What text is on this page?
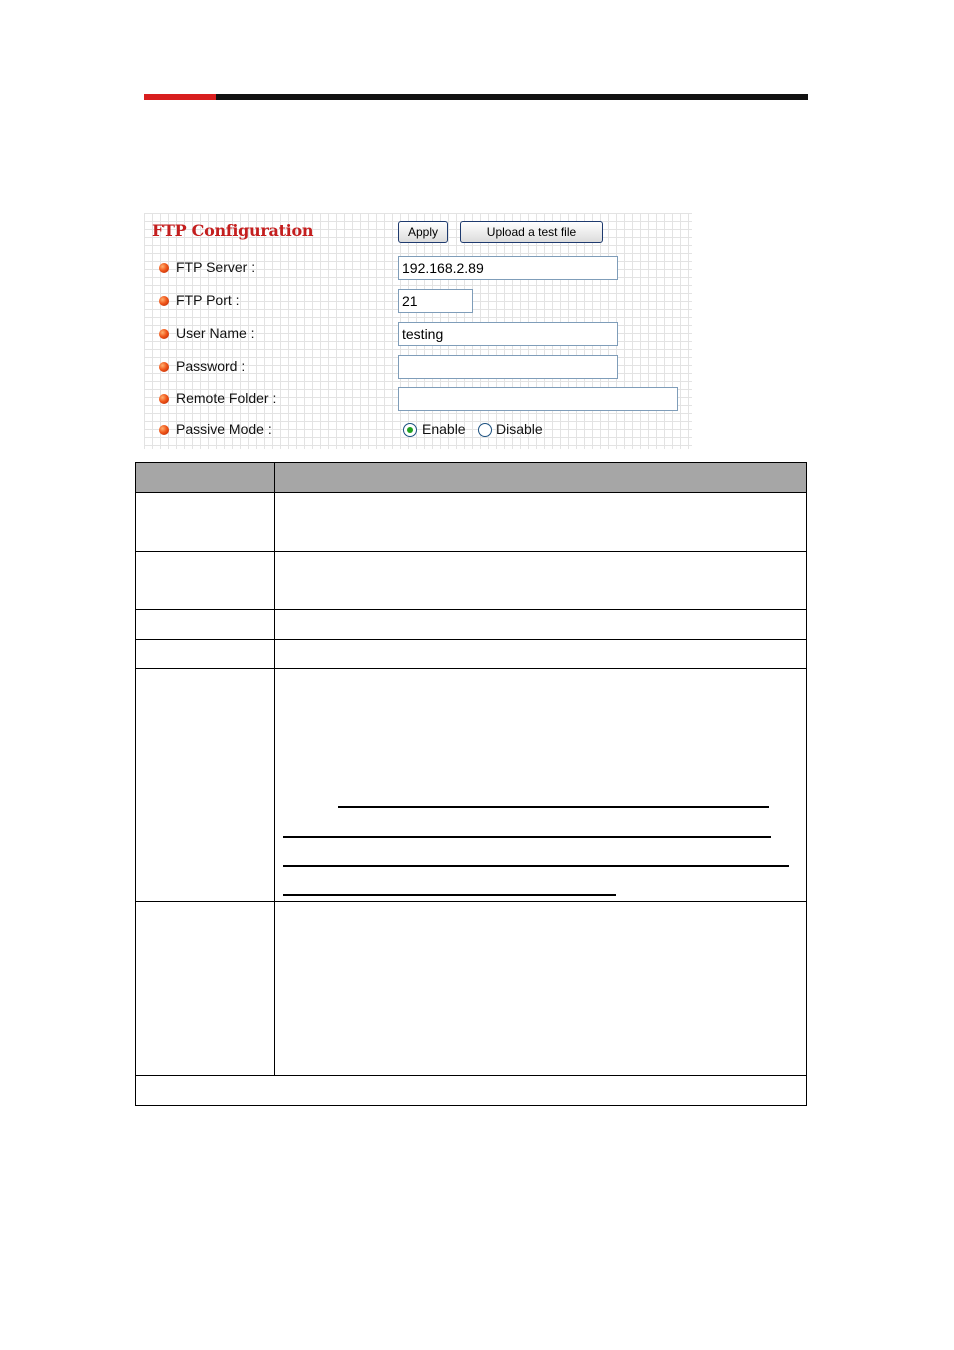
FTP Configuration	Apply	Upload a test file
FTP Server :
192.168.2.89
FTP Port :
21
User Name :
testing
Password :
Remote Folder :
Passive Mode :	Enable Disable
